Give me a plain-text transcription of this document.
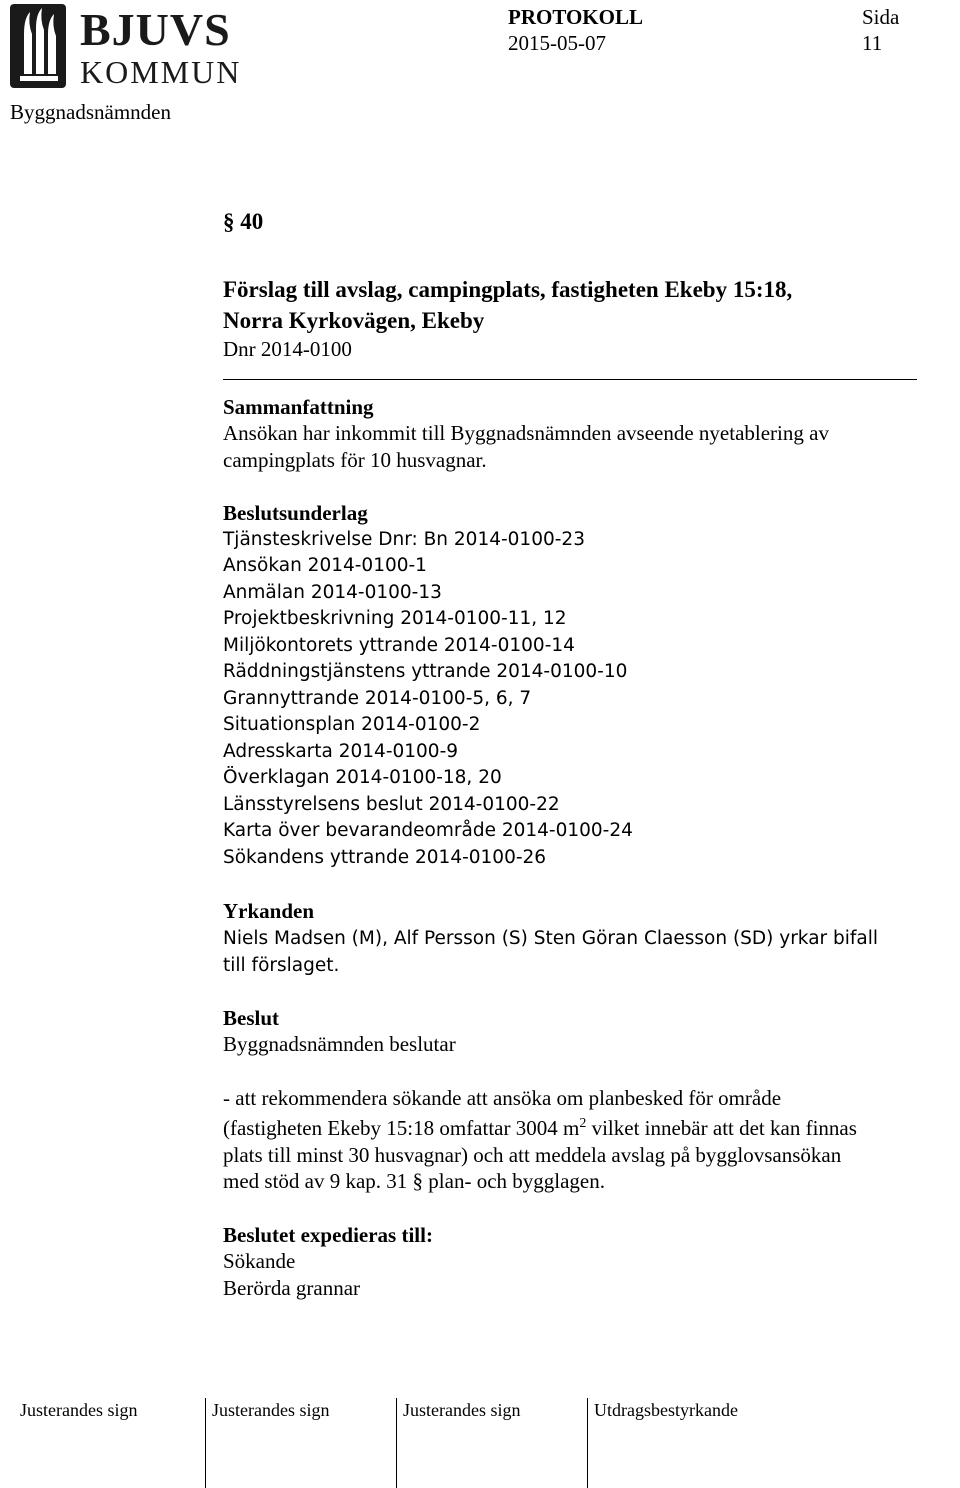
BJUVS
KOMMUN
PROTOKOLL
2015-05-07
Sida
11
Byggnadsnämnden
§ 40
Förslag till avslag, campingplats, fastigheten Ekeby 15:18,
Norra Kyrkovägen, Ekeby

Dnr 2014-0100

Sammanfattning

Ansökan har inkommit till Byggnadsnämnden avseende nyetablering av

campingplats för 10 husvagnar.

Beslutsunderlag

Tjänsteskrivelse Dnr: Bn 2014-0100-23

Ansökan 2014-0100-1

Anmälan 2014-0100-13

Projektbeskrivning 2014-0100-11, 12

Miljökontorets yttrande 2014-0100-14

Räddningstjänstens yttrande 2014-0100-10

Grannyttrande 2014-0100-5, 6, 7

Situationsplan 2014-0100-2

Adresskarta 2014-0100-9

Överklagan 2014-0100-18, 20

Länsstyrelsens beslut 2014-0100-22

Karta över bevarandeområde 2014-0100-24

Sökandens yttrande 2014-0100-26

Yrkanden

Niels Madsen (M), Alf Persson (S) Sten Göran Claesson (SD) yrkar bifall

till förslaget.

Beslut

Byggnadsnämnden beslutar

- att rekommendera sökande att ansöka om planbesked för område

(fastigheten Ekeby 15:18 omfattar 3004 $m^2$ vilket innebär att det kan finnas

plats till minst 30 husvagnar) och att meddela avslag på bygglovsansökan

med stöd av 9 kap. 31 § plan- och bygglagen.

Beslutet expedieras till:

Sökande

Berörda grannar

Justerandes sign	Justerandes sign	Justerandes sign	Utdragsbestyrkande
